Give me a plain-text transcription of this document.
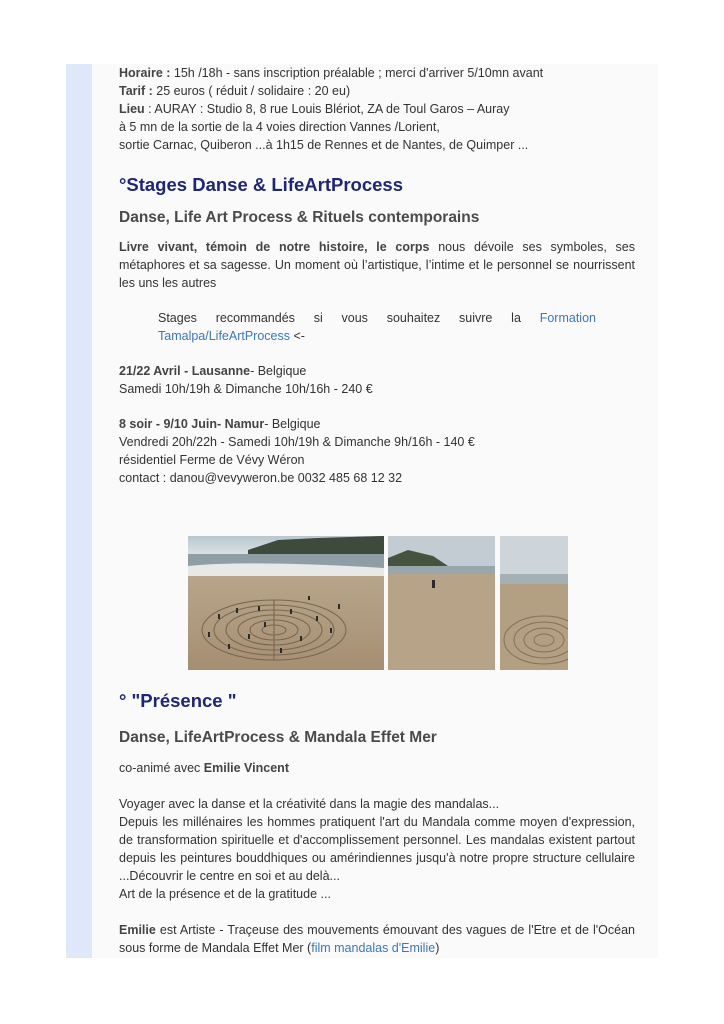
Horaire : 15h /18h - sans inscription préalable ; merci d'arriver 5/10mn avant

Tarif : 25 euros ( réduit / solidaire : 20 eu)

Lieu : AURAY : Studio 8, 8 rue Louis Blériot, ZA de Toul Garos – Auray

à 5 mn de la sortie de la 4 voies direction Vannes /Lorient,

sortie Carnac, Quiberon ...à 1h15 de Rennes et de Nantes, de Quimper ...

°Stages Danse & LifeArtProcess
Danse, Life Art Process & Rituels contemporains

Livre vivant, témoin de notre histoire, le corps nous dévoile ses symboles, ses métaphores et sa sagesse. Un moment où l’artistique, l’intime et le personnel se nourrissent les uns les autres

Stages recommandés si vous souhaitez suivre la Formation

Tamalpa/LifeArtProcess <-

21/22 Avril - Lausanne- Belgique

Samedi 10h/19h & Dimanche 10h/16h - 240 €

8 soir - 9/10 Juin- Namur- Belgique

Vendredi 20h/22h - Samedi 10h/19h & Dimanche 9h/16h - 140 €

résidentiel Ferme de Vévy Wéron

contact : danou@vevyweron.be 0032 485 68 12 32

° "Présence "
Danse, LifeArtProcess & Mandala Effet Mer

co-animé avec Emilie Vincent

Voyager avec la danse et la créativité dans la magie des mandalas...

Depuis les millénaires les hommes pratiquent l'art du Mandala comme moyen d'expression, de transformation spirituelle et d'accomplissement personnel. Les mandalas existent partout depuis les peintures bouddhiques ou amérindiennes jusqu'à notre propre structure cellulaire ...Découvrir le centre en soi et au delà...

Art de la présence et de la gratitude ...

Emilie est Artiste - Traçeuse des mouvements émouvant des vagues de l'Etre et de l'Océan sous forme de Mandala Effet Mer (film mandalas d'Emilie)
